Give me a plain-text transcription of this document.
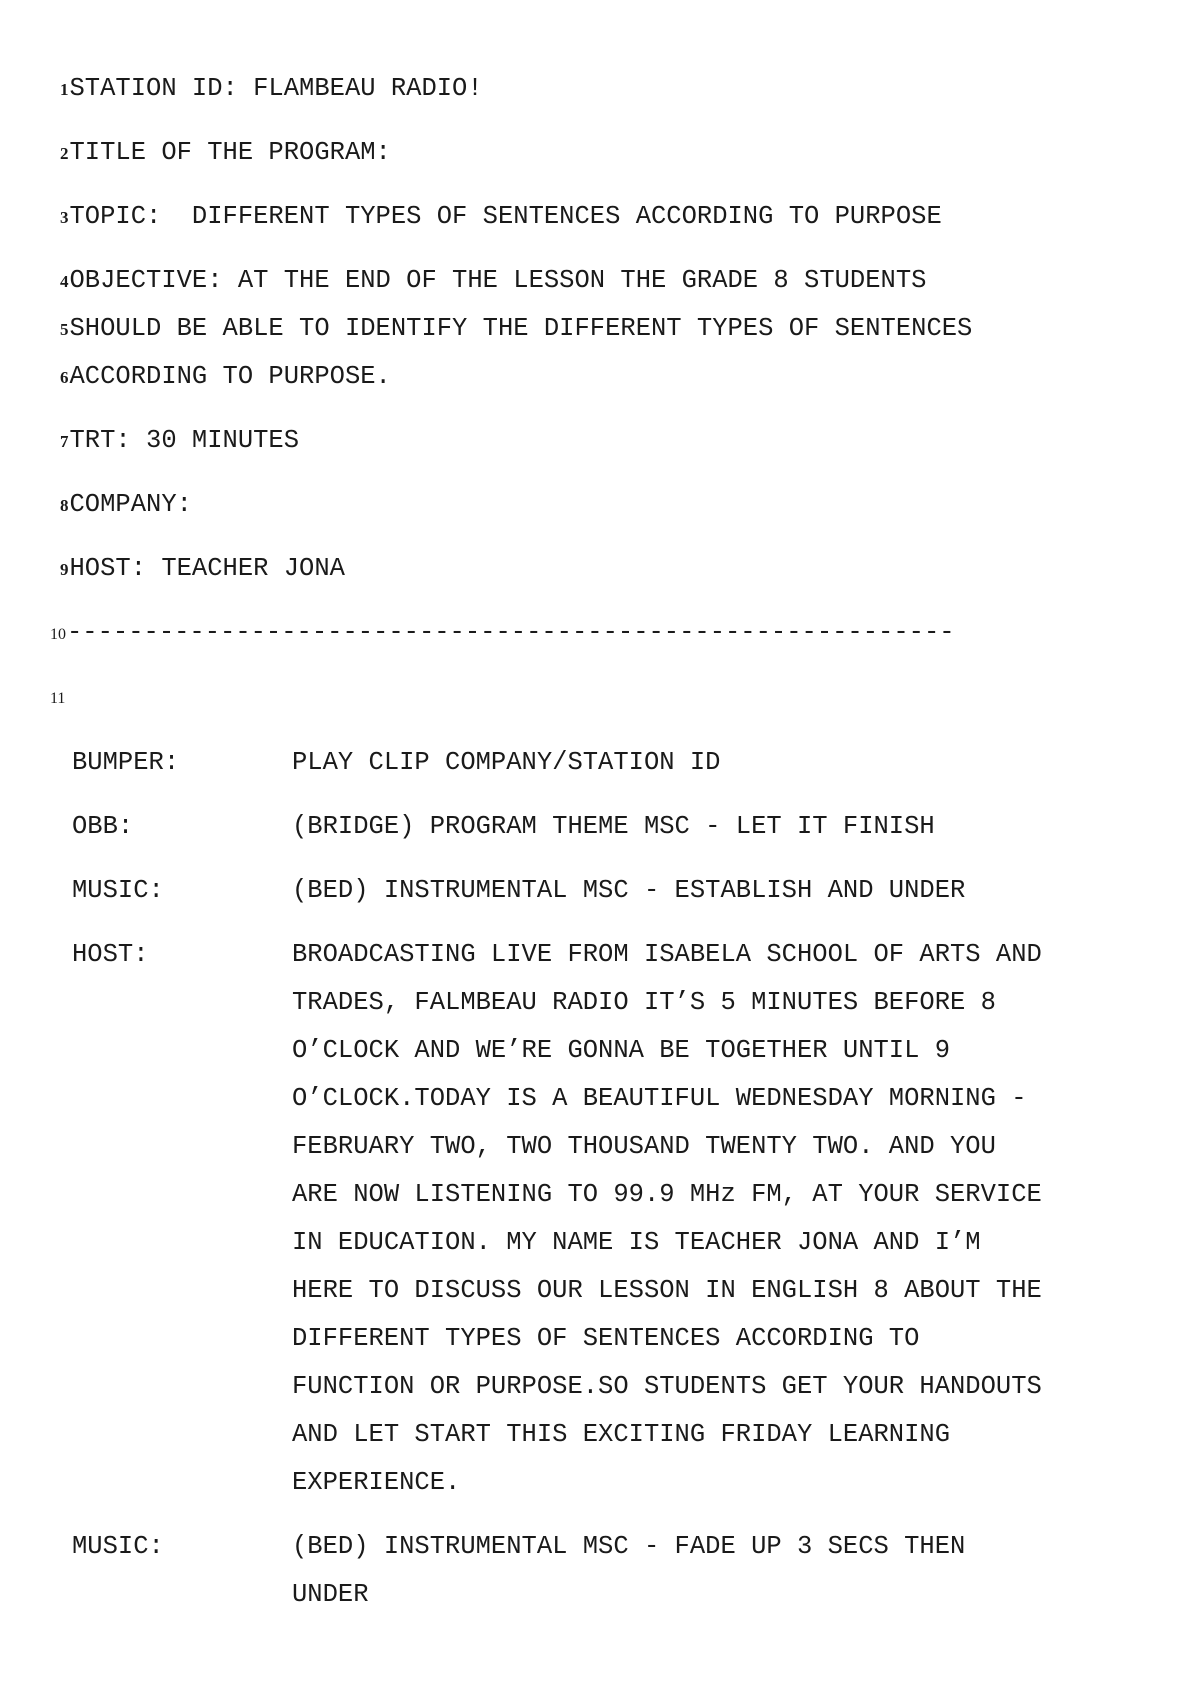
1STATION ID: FLAMBEAU RADIO!
2TITLE OF THE PROGRAM:
3TOPIC:  DIFFERENT TYPES OF SENTENCES ACCORDING TO PURPOSE
4OBJECTIVE: AT THE END OF THE LESSON THE GRADE 8 STUDENTS
5SHOULD BE ABLE TO IDENTIFY THE DIFFERENT TYPES OF SENTENCES
6ACCORDING TO PURPOSE.
7TRT: 30 MINUTES
8COMPANY:
9HOST: TEACHER JONA
10----------------------------------------------------------
11
BUMPER:	PLAY CLIP COMPANY/STATION ID
OBB:	(BRIDGE) PROGRAM THEME MSC - LET IT FINISH
MUSIC:	(BED) INSTRUMENTAL MSC - ESTABLISH AND UNDER
HOST:	BROADCASTING LIVE FROM ISABELA SCHOOL OF ARTS AND
TRADES, FALMBEAU RADIO IT’S 5 MINUTES BEFORE 8
O’CLOCK AND WE’RE GONNA BE TOGETHER UNTIL 9
O’CLOCK.TODAY IS A BEAUTIFUL WEDNESDAY MORNING -
FEBRUARY TWO, TWO THOUSAND TWENTY TWO. AND YOU
ARE NOW LISTENING TO 99.9 MHz FM, AT YOUR SERVICE
IN EDUCATION. MY NAME IS TEACHER JONA AND I’M
HERE TO DISCUSS OUR LESSON IN ENGLISH 8 ABOUT THE
DIFFERENT TYPES OF SENTENCES ACCORDING TO
FUNCTION OR PURPOSE.SO STUDENTS GET YOUR HANDOUTS
AND LET START THIS EXCITING FRIDAY LEARNING
EXPERIENCE.
MUSIC:	(BED) INSTRUMENTAL MSC - FADE UP 3 SECS THEN
UNDER
